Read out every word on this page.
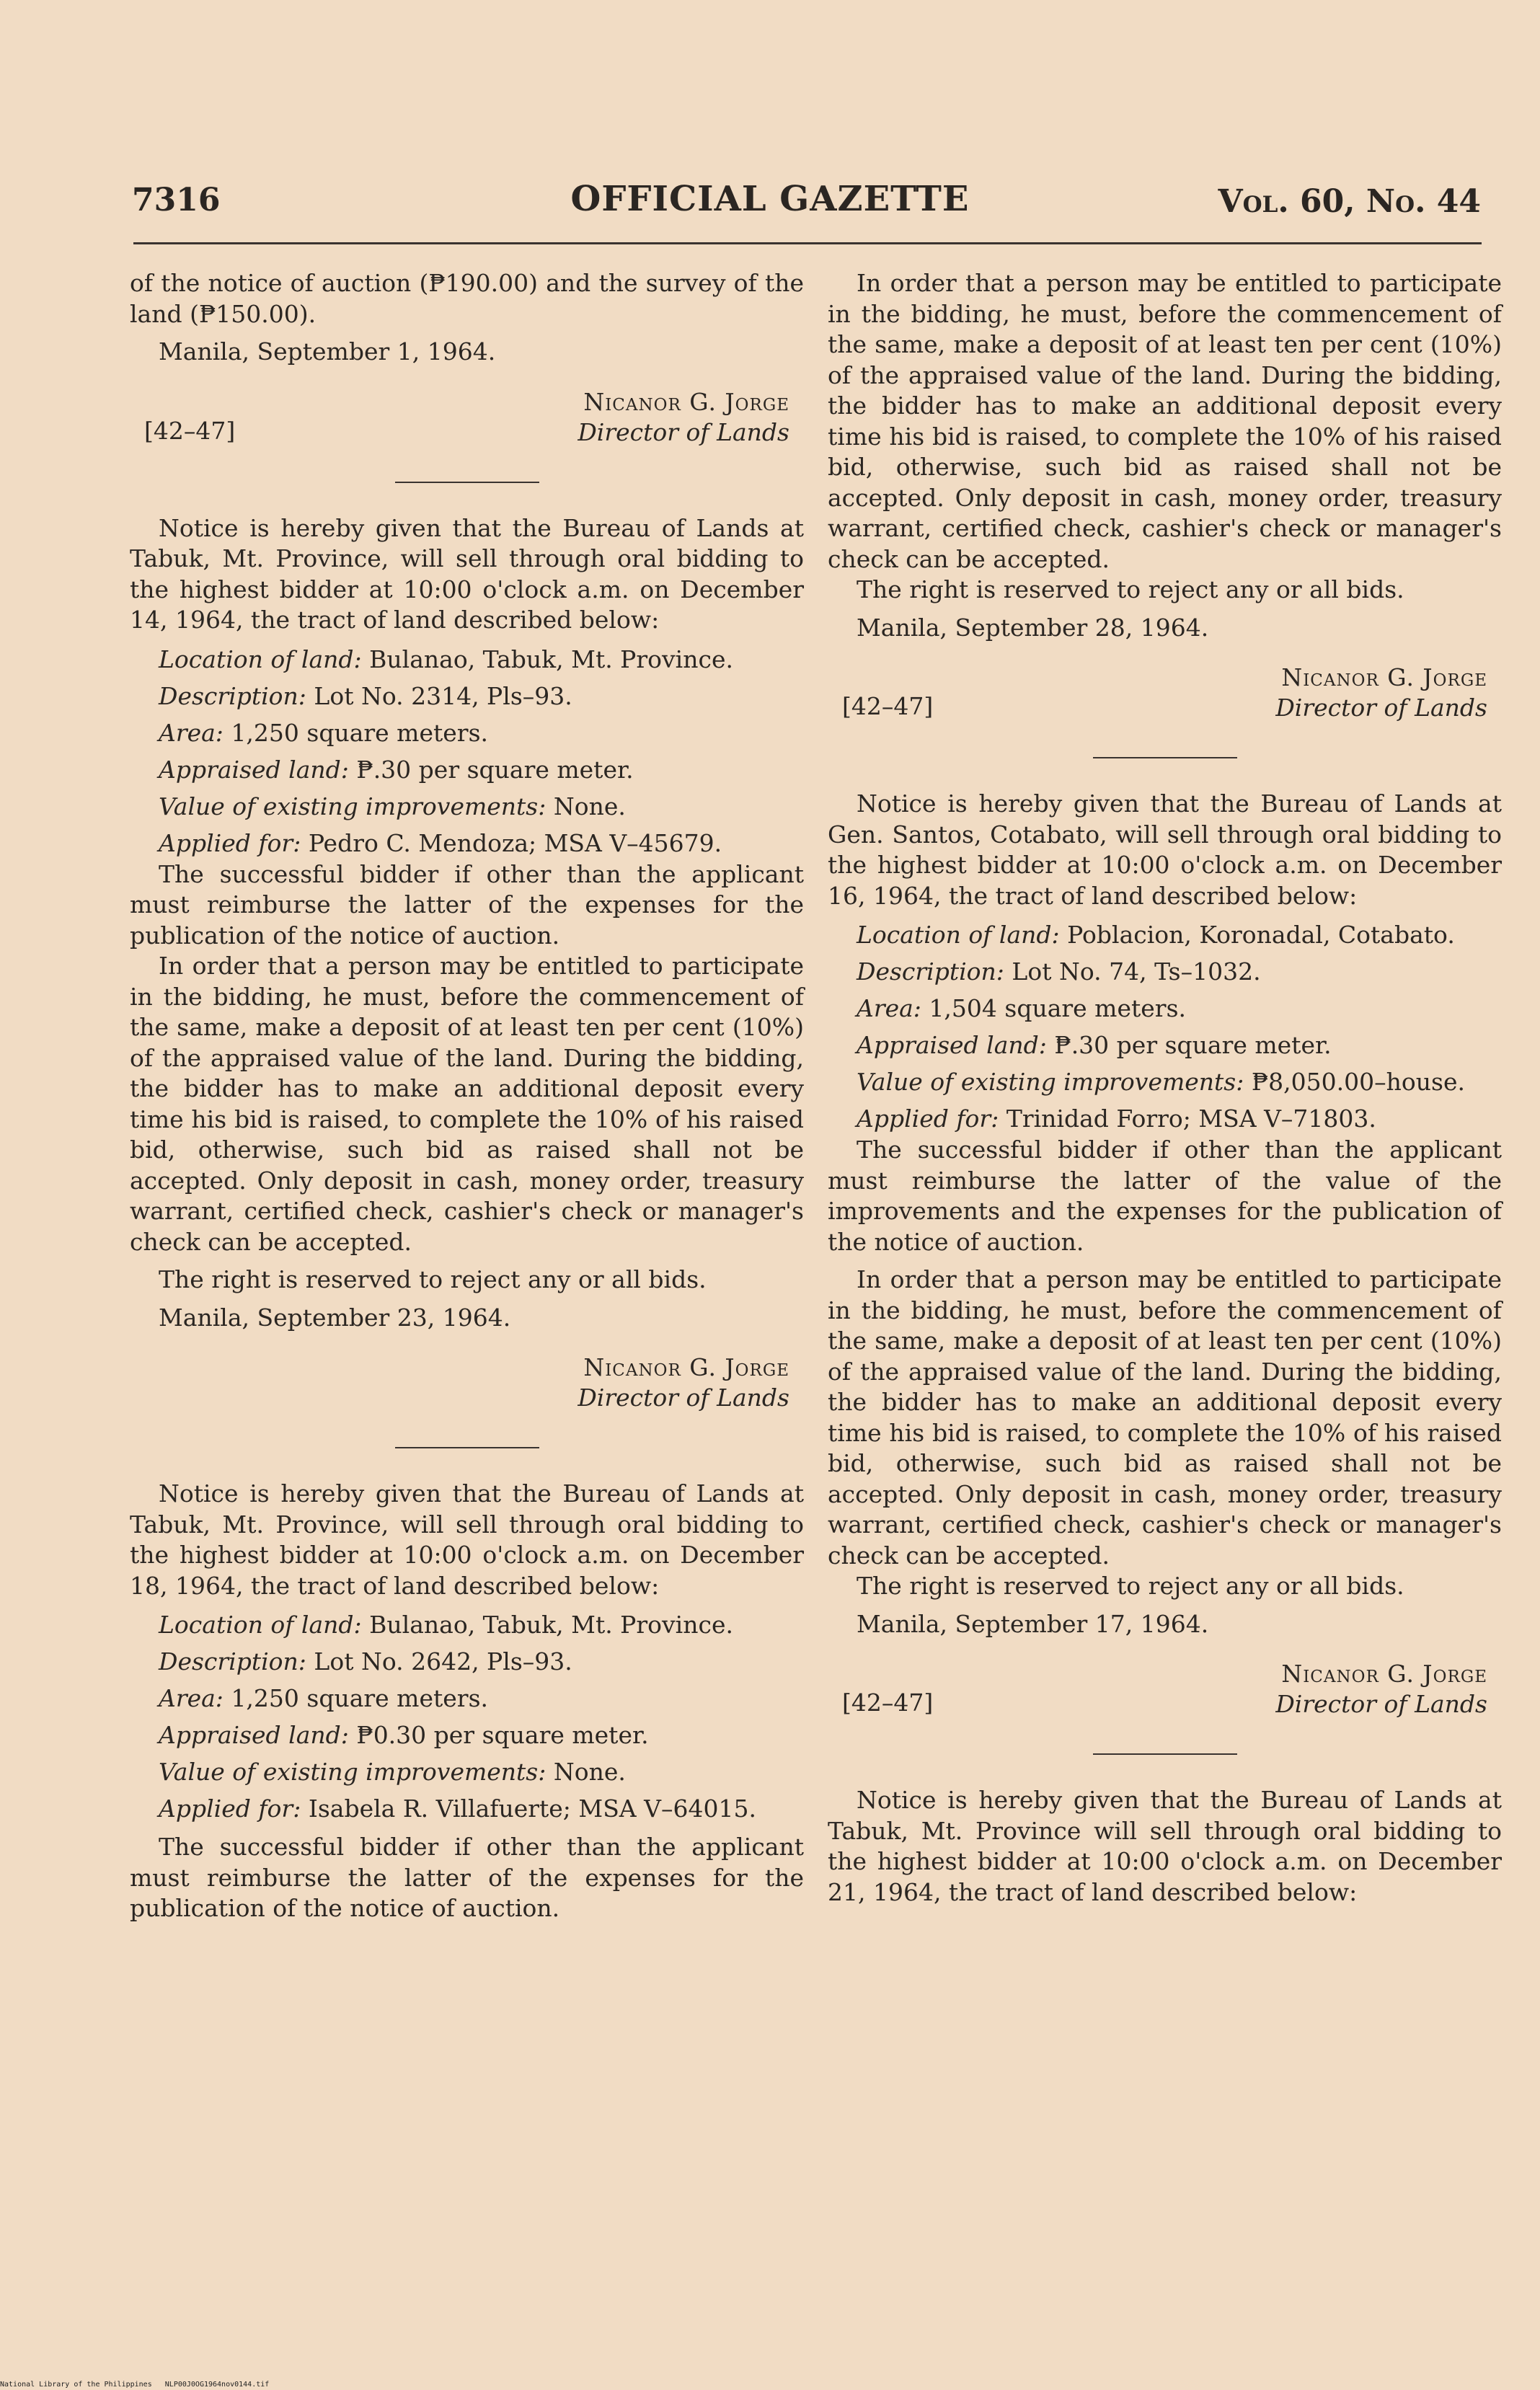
7316	OFFICIAL GAZETTE	Vol. 60, No. 44

of the notice of auction (₱190.00) and the survey of the land (₱150.00).

Manila, September 1, 1964.

Nicanor G. Jorge
[42–47]	Director of Lands

Notice is hereby given that the Bureau of Lands at Tabuk, Mt. Province, will sell through oral bidding to the highest bidder at 10:00 o'clock a.m. on December 14, 1964, the tract of land described below:

Location of land: Bulanao, Tabuk, Mt. Province.
Description: Lot No. 2314, Pls–93.
Area: 1,250 square meters.
Appraised land: ₱.30 per square meter.
Value of existing improvements: None.
Applied for: Pedro C. Mendoza; MSA V–45679.

The successful bidder if other than the applicant must reimburse the latter of the expenses for the publication of the notice of auction.

In order that a person may be entitled to participate in the bidding, he must, before the commencement of the same, make a deposit of at least ten per cent (10%) of the appraised value of the land. During the bidding, the bidder has to make an additional deposit every time his bid is raised, to complete the 10% of his raised bid, otherwise, such bid as raised shall not be accepted. Only deposit in cash, money order, treasury warrant, certified check, cashier's check or manager's check can be accepted.

The right is reserved to reject any or all bids.

Manila, September 23, 1964.

Nicanor G. Jorge
Director of Lands

Notice is hereby given that the Bureau of Lands at Tabuk, Mt. Province, will sell through oral bidding to the highest bidder at 10:00 o'clock a.m. on December 18, 1964, the tract of land described below:

Location of land: Bulanao, Tabuk, Mt. Province.
Description: Lot No. 2642, Pls–93.
Area: 1,250 square meters.
Appraised land: ₱0.30 per square meter.
Value of existing improvements: None.
Applied for: Isabela R. Villafuerte; MSA V–64015.

The successful bidder if other than the applicant must reimburse the latter of the expenses for the publication of the notice of auction.

In order that a person may be entitled to participate in the bidding, he must, before the commencement of the same, make a deposit of at least ten per cent (10%) of the appraised value of the land. During the bidding, the bidder has to make an additional deposit every time his bid is raised, to complete the 10% of his raised bid, otherwise, such bid as raised shall not be accepted. Only deposit in cash, money order, treasury warrant, certified check, cashier's check or manager's check can be accepted.

The right is reserved to reject any or all bids.

Manila, September 28, 1964.

Nicanor G. Jorge
[42–47]	Director of Lands

Notice is hereby given that the Bureau of Lands at Gen. Santos, Cotabato, will sell through oral bidding to the highest bidder at 10:00 o'clock a.m. on December 16, 1964, the tract of land described below:

Location of land: Poblacion, Koronadal, Cotabato.
Description: Lot No. 74, Ts–1032.
Area: 1,504 square meters.
Appraised land: ₱.30 per square meter.
Value of existing improvements: ₱8,050.00–house.
Applied for: Trinidad Forro; MSA V–71803.

The successful bidder if other than the applicant must reimburse the latter of the value of the improvements and the expenses for the publication of the notice of auction.

In order that a person may be entitled to participate in the bidding, he must, before the commencement of the same, make a deposit of at least ten per cent (10%) of the appraised value of the land. During the bidding, the bidder has to make an additional deposit every time his bid is raised, to complete the 10% of his raised bid, otherwise, such bid as raised shall not be accepted. Only deposit in cash, money order, treasury warrant, certified check, cashier's check or manager's check can be accepted.

The right is reserved to reject any or all bids.

Manila, September 17, 1964.

Nicanor G. Jorge
[42–47]	Director of Lands

Notice is hereby given that the Bureau of Lands at Tabuk, Mt. Province will sell through oral bidding to the highest bidder at 10:00 o'clock a.m. on December 21, 1964, the tract of land described below:

National Library of the Philippines NLP00J0OG1964nov0144.tif
